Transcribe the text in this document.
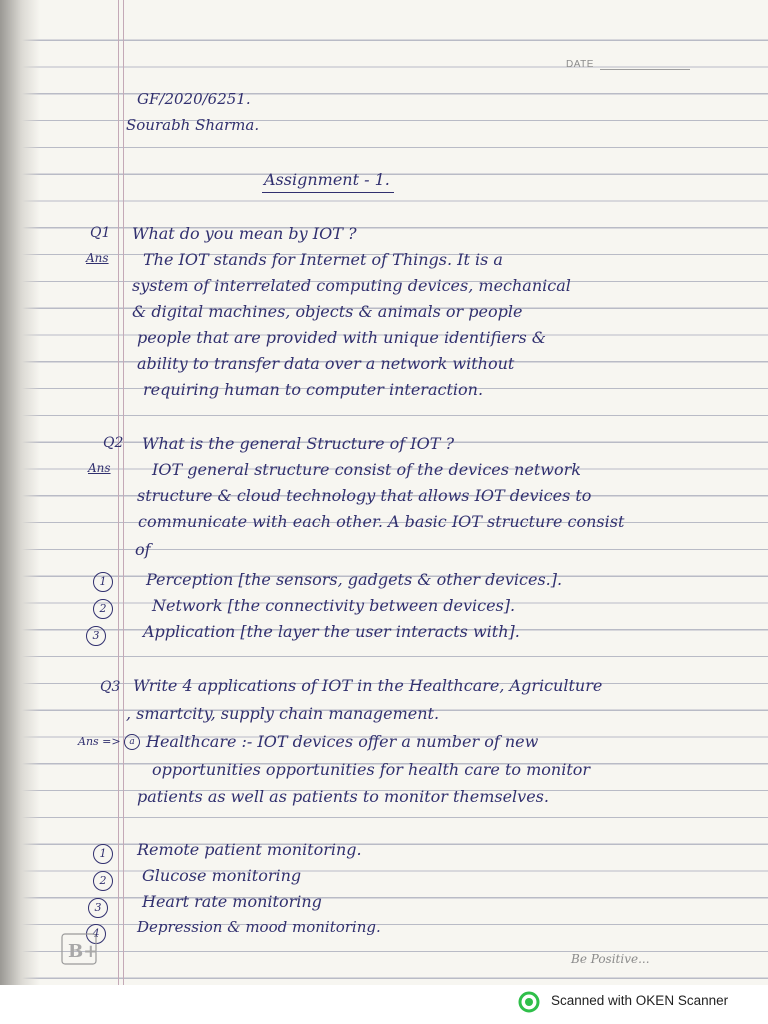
DATE
GF/2020/6251.
Sourabh Sharma.
Assignment - 1.
Q1
Ans
What do you mean by IOT ?
The IOT stands for Internet of Things. It is a
system of interrelated computing devices, mechanical
& digital machines, objects & animals or people
people that are provided with unique identifiers &
ability to transfer data over a network without
requiring human to computer interaction.
Q2
Ans
What is the general Structure of IOT ?
IOT general structure consist of the devices network
structure & cloud technology that allows IOT devices to
communicate with each other. A basic IOT structure consist
of
1	Perception [the sensors, gadgets & other devices.].
2	Network [the connectivity between devices].
3	Application [the layer the user interacts with].
Q3 Write 4 applications of IOT in the Healthcare, Agriculture
, smartcity, supply chain management.
Ans => a Healthcare :- IOT devices offer a number of new
opportunities opportunities for health care to monitor
patients as well as patients to monitor themselves.
1	Remote patient monitoring.
2	Glucose monitoring
3	Heart rate monitoring
4	Depression & mood monitoring.
B+	Be Positive...
Scanned with OKEN Scanner
